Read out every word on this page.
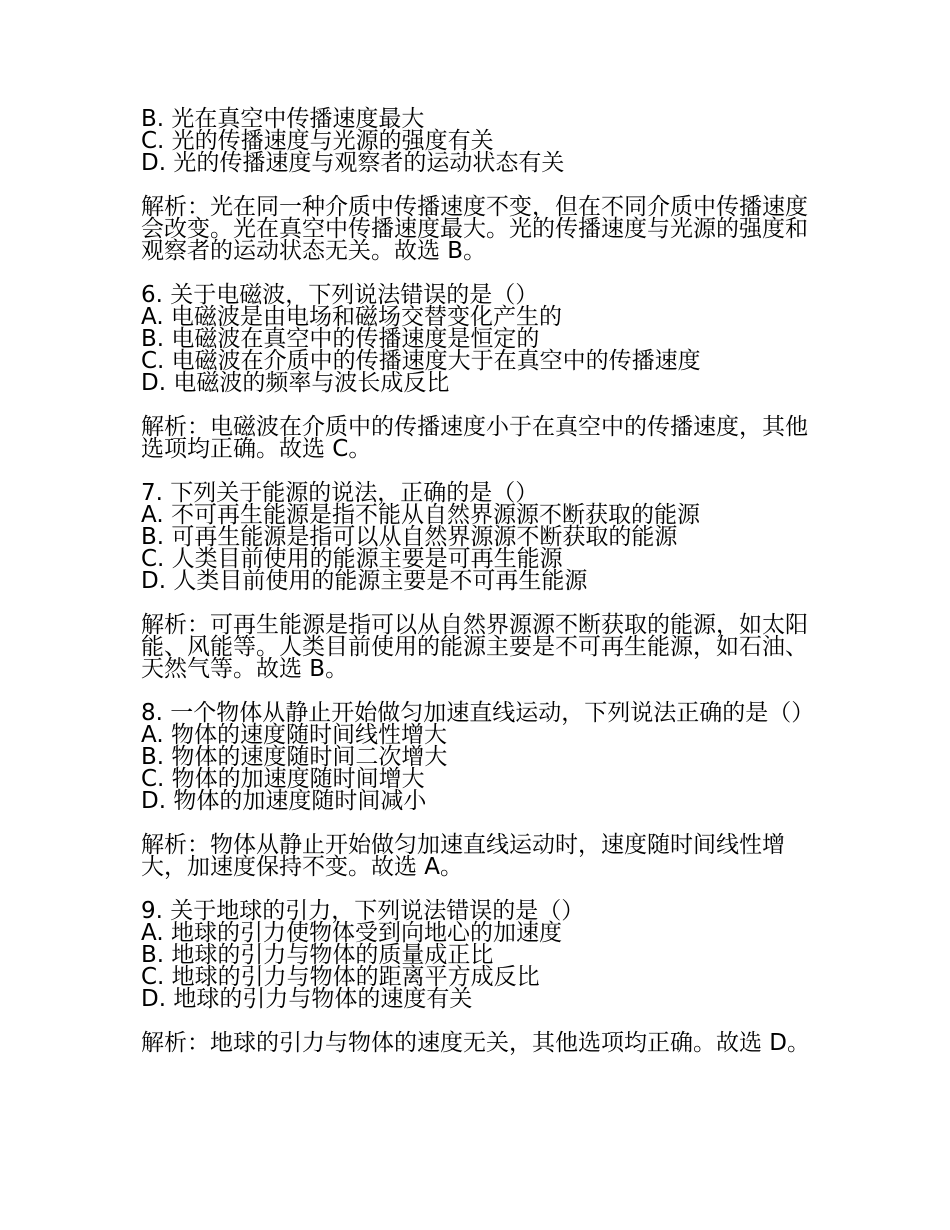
B. 光在真空中传播速度最大
C. 光的传播速度与光源的强度有关
D. 光的传播速度与观察者的运动状态有关

解析：光在同一种介质中传播速度不变，但在不同介质中传播速度会改变。光在真空中传播速度最大。光的传播速度与光源的强度和观察者的运动状态无关。故选 B。

6. 关于电磁波，下列说法错误的是（）
A. 电磁波是由电场和磁场交替变化产生的
B. 电磁波在真空中的传播速度是恒定的
C. 电磁波在介质中的传播速度大于在真空中的传播速度
D. 电磁波的频率与波长成反比

解析：电磁波在介质中的传播速度小于在真空中的传播速度，其他选项均正确。故选 C。

7. 下列关于能源的说法，正确的是（）
A. 不可再生能源是指不能从自然界源源不断获取的能源
B. 可再生能源是指可以从自然界源源不断获取的能源
C. 人类目前使用的能源主要是可再生能源
D. 人类目前使用的能源主要是不可再生能源

解析：可再生能源是指可以从自然界源源不断获取的能源，如太阳能、风能等。人类目前使用的能源主要是不可再生能源，如石油、天然气等。故选 B。

8. 一个物体从静止开始做匀加速直线运动，下列说法正确的是（）

A. 物体的速度随时间线性增大
B. 物体的速度随时间二次增大
C. 物体的加速度随时间增大
D. 物体的加速度随时间减小

解析：物体从静止开始做匀加速直线运动时，速度随时间线性增大，加速度保持不变。故选 A。

9. 关于地球的引力，下列说法错误的是（）
A. 地球的引力使物体受到向地心的加速度
B. 地球的引力与物体的质量成正比
C. 地球的引力与物体的距离平方成反比
D. 地球的引力与物体的速度有关

解析：地球的引力与物体的速度无关，其他选项均正确。故选 D。
